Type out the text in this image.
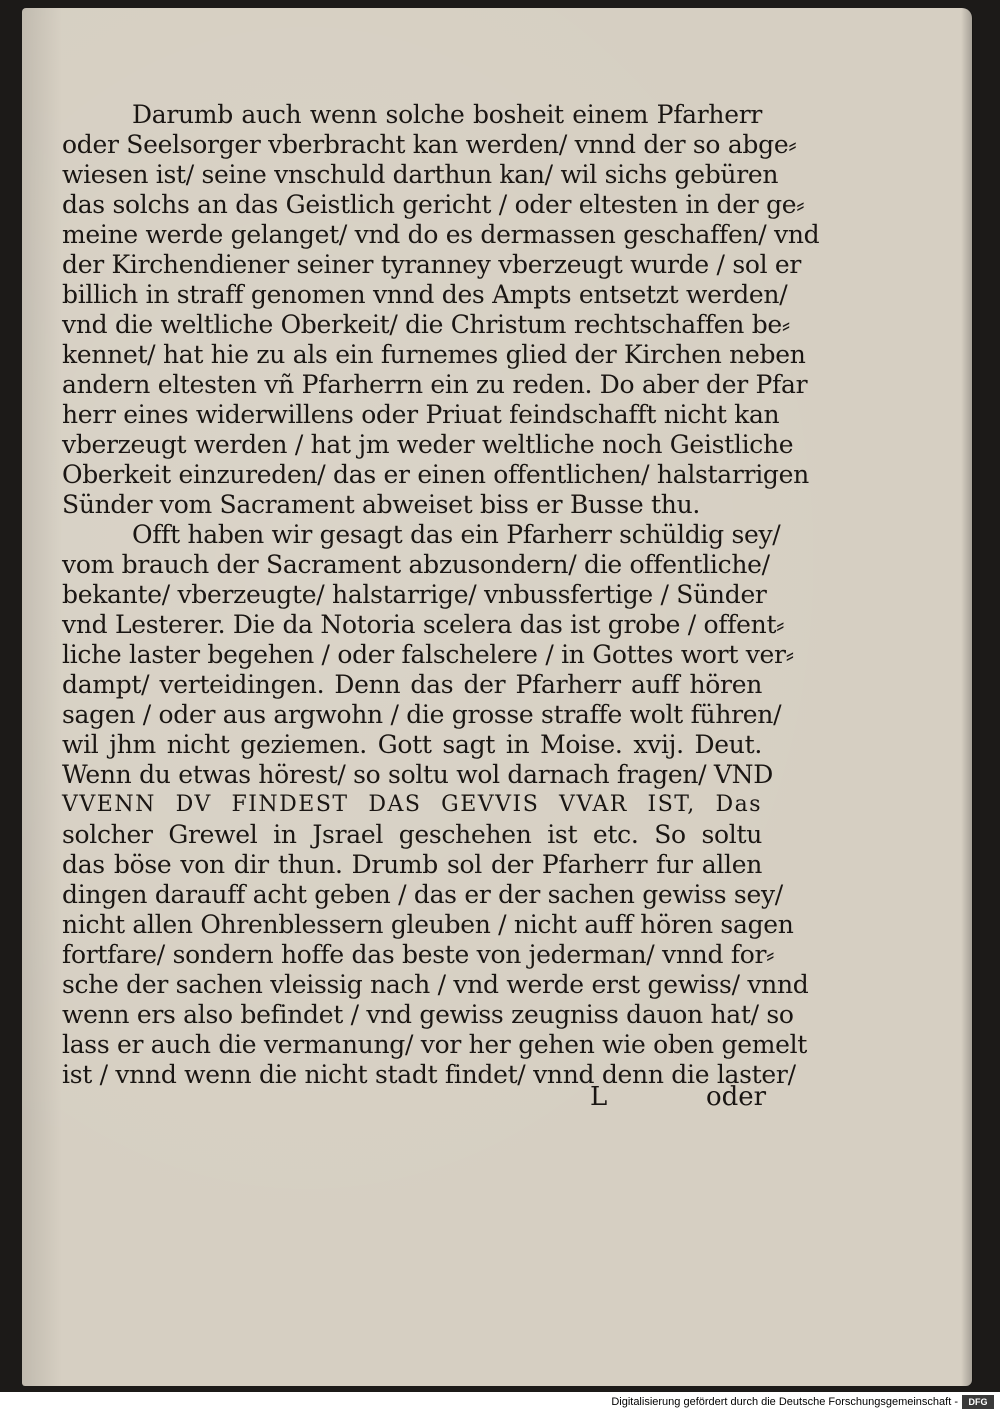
Darumb auch wenn solche bosheit einem Pfarherr
oder Seelsorger vberbracht kan werden/ vnnd der so abge⸗
wiesen ist/ seine vnschuld darthun kan/ wil sichs gebüren
das solchs an das Geistlich gericht / oder eltesten in der ge⸗
meine werde gelanget/ vnd do es dermassen geschaffen/ vnd
der Kirchendiener seiner tyranney vberzeugt wurde / sol er
billich in straff genomen vnnd des Ampts entsetzt werden/
vnd die weltliche Oberkeit/ die Christum rechtschaffen be⸗
kennet/ hat hie zu als ein furnemes glied der Kirchen neben
andern eltesten vñ Pfarherrn ein zu reden. Do aber der Pfar
herr eines widerwillens oder Priuat feindschafft nicht kan
vberzeugt werden / hat jm weder weltliche noch Geistliche
Oberkeit einzureden/ das er einen offentlichen/ halstarrigen
Sünder vom Sacrament abweiset biss er Busse thu.
Offt haben wir gesagt das ein Pfarherr schüldig sey/
vom brauch der Sacrament abzusondern/ die offentliche/
bekante/ vberzeugte/ halstarrige/ vnbussfertige / Sünder
vnd Lesterer. Die da Notoria scelera das ist grobe / offent⸗
liche laster begehen / oder falschelere / in Gottes wort ver⸗
dampt/ verteidingen. Denn das der Pfarherr auff hören
sagen / oder aus argwohn / die grosse straffe wolt führen/
wil jhm nicht geziemen. Gott sagt in Moise. xvij. Deut.
Wenn du etwas hörest/ so soltu wol darnach fragen/ VND
VVENN DV FINDEST DAS GEVVIS VVAR IST, Das
solcher Grewel in Jsrael geschehen ist etc. So soltu
das böse von dir thun. Drumb sol der Pfarherr fur allen
dingen darauff acht geben / das er der sachen gewiss sey/
nicht allen Ohrenblessern gleuben / nicht auff hören sagen
fortfare/ sondern hoffe das beste von jederman/ vnnd for⸗
sche der sachen vleissig nach / vnd werde erst gewiss/ vnnd
wenn ers also befindet / vnd gewiss zeugniss dauon hat/ so
lass er auch die vermanung/ vor her gehen wie oben gemelt
ist / vnnd wenn die nicht stadt findet/ vnnd denn die laster/
L	oder
Digitalisierung gefördert durch die Deutsche Forschungsgemeinschaft -	DFG
